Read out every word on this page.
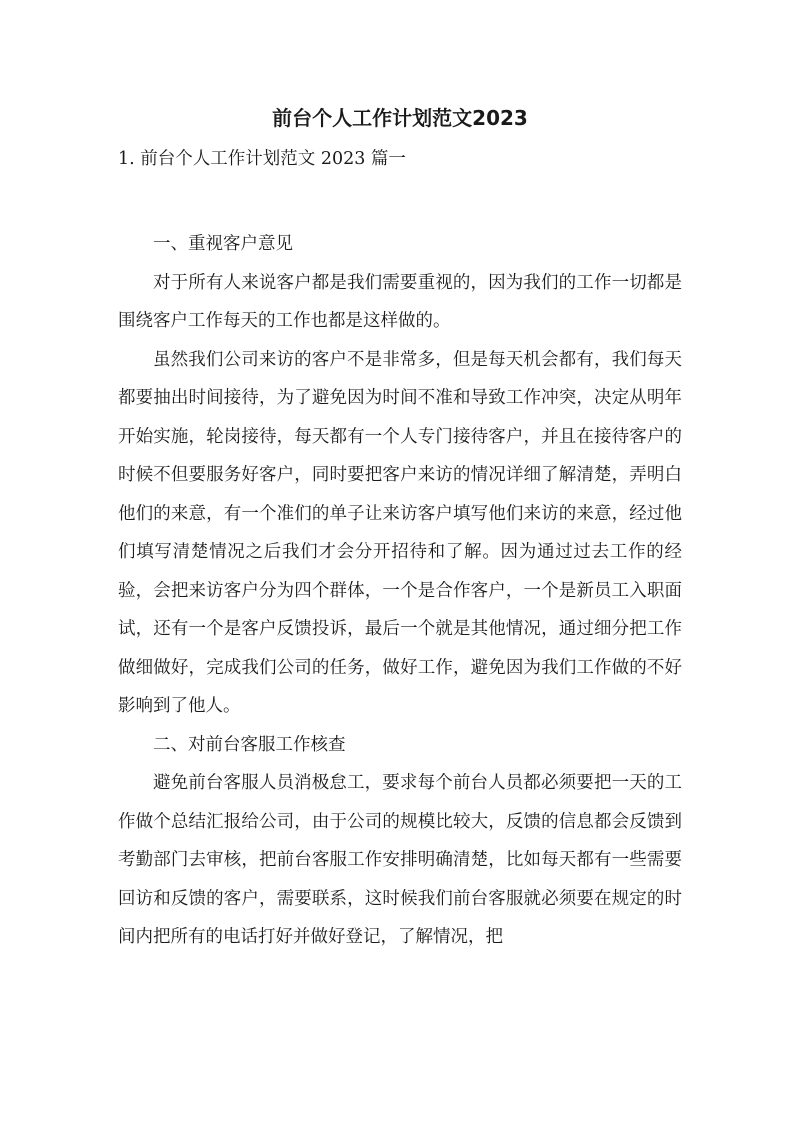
前台个人工作计划范文2023

1. 前台个人工作计划范文 2023 篇一

一、重视客户意见

对于所有人来说客户都是我们需要重视的，因为我们的工作一切都是围绕客户工作每天的工作也都是这样做的。

虽然我们公司来访的客户不是非常多，但是每天机会都有，我们每天都要抽出时间接待，为了避免因为时间不准和导致工作冲突，决定从明年开始实施，轮岗接待，每天都有一个人专门接待客户，并且在接待客户的时候不但要服务好客户，同时要把客户来访的情况详细了解清楚，弄明白他们的来意，有一个准们的单子让来访客户填写他们来访的来意，经过他们填写清楚情况之后我们才会分开招待和了解。因为通过过去工作的经验，会把来访客户分为四个群体，一个是合作客户，一个是新员工入职面试，还有一个是客户反馈投诉，最后一个就是其他情况，通过细分把工作做细做好，完成我们公司的任务，做好工作，避免因为我们工作做的不好影响到了他人。

二、对前台客服工作核查

避免前台客服人员消极怠工，要求每个前台人员都必须要把一天的工作做个总结汇报给公司，由于公司的规模比较大，反馈的信息都会反馈到考勤部门去审核，把前台客服工作安排明确清楚，比如每天都有一些需要回访和反馈的客户，需要联系，这时候我们前台客服就必须要在规定的时间内把所有的电话打好并做好登记，了解情况，把
